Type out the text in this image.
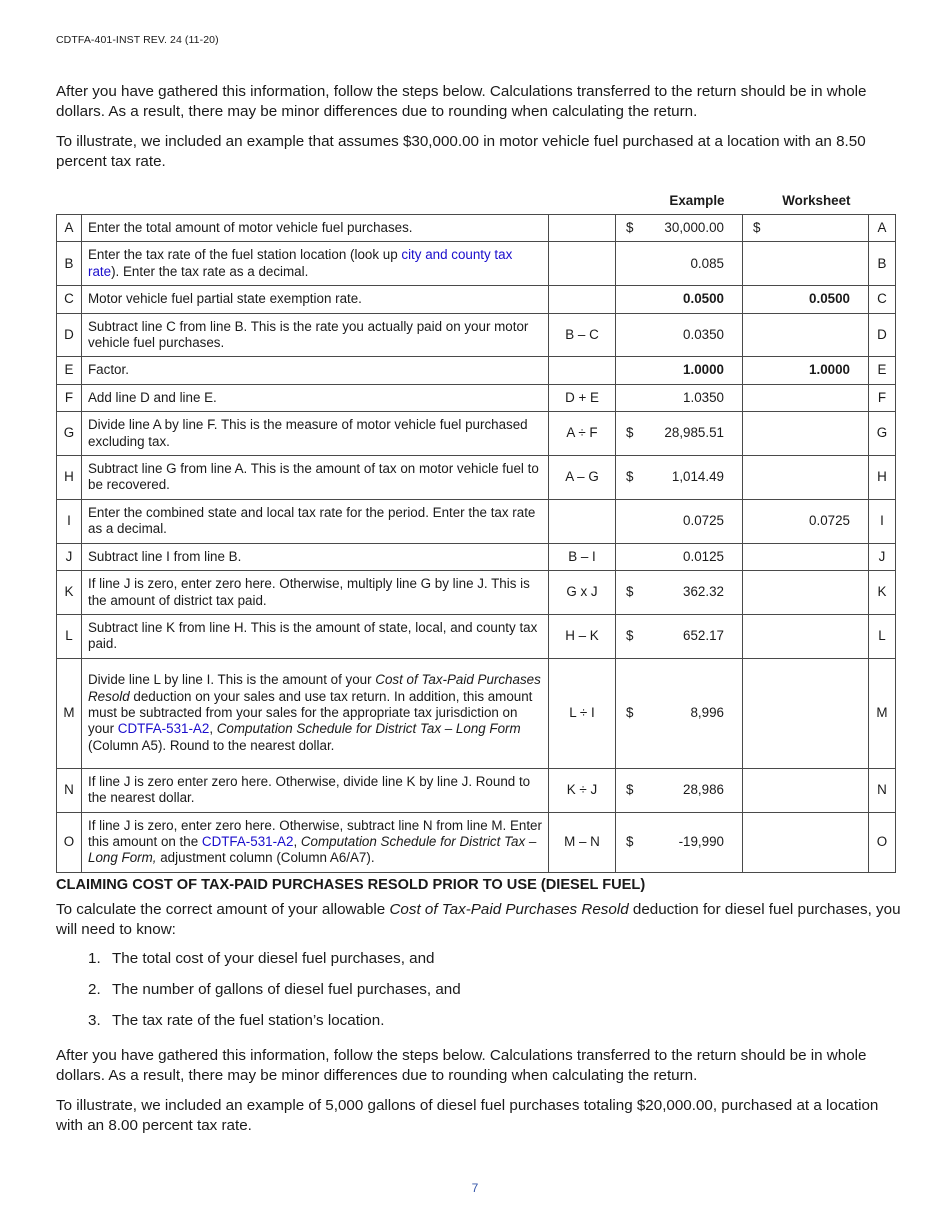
CDTFA-401-INST REV. 24 (11-20)

After you have gathered this information, follow the steps below. Calculations transferred to the return should be in whole dollars. As a result, there may be minor differences due to rounding when calculating the return.

To illustrate, we included an example that assumes $30,000.00 in motor vehicle fuel purchased at a location with an 8.50 percent tax rate.

			Example	Worksheet	
A	Enter the total amount of motor vehicle fuel purchases.		$ 30,000.00	$	A
B	Enter the tax rate of the fuel station location (look up city and county tax rate). Enter the tax rate as a decimal.		0.085		B
C	Motor vehicle fuel partial state exemption rate.		0.0500	0.0500	C
D	Subtract line C from line B. This is the rate you actually paid on your motor vehicle fuel purchases.	B – C	0.0350		D
E	Factor.		1.0000	1.0000	E
F	Add line D and line E.	D + E	1.0350		F
G	Divide line A by line F. This is the measure of motor vehicle fuel purchased excluding tax.	A ÷ F	$ 28,985.51		G
H	Subtract line G from line A. This is the amount of tax on motor vehicle fuel to be recovered.	A – G	$ 1,014.49		H
I	Enter the combined state and local tax rate for the period. Enter the tax rate as a decimal.		0.0725	0.0725	I
J	Subtract line I from line B.	B – I	0.0125		J
K	If line J is zero, enter zero here. Otherwise, multiply line G by line J. This is the amount of district tax paid.	G x J	$ 362.32		K
L	Subtract line K from line H. This is the amount of state, local, and county tax paid.	H – K	$ 652.17		L
M	Divide line L by line I. This is the amount of your Cost of Tax-Paid Purchases Resold deduction on your sales and use tax return. In addition, this amount must be subtracted from your sales for the appropriate tax jurisdiction on your CDTFA-531-A2, Computation Schedule for District Tax – Long Form (Column A5). Round to the nearest dollar.	L ÷ I	$ 8,996		M
N	If line J is zero enter zero here. Otherwise, divide line K by line J. Round to the nearest dollar.	K ÷ J	$ 28,986		N
O	If line J is zero, enter zero here. Otherwise, subtract line N from line M. Enter this amount on the CDTFA-531-A2, Computation Schedule for District Tax – Long Form, adjustment column (Column A6/A7).	M – N	$ -19,990		O
CLAIMING COST OF TAX-PAID PURCHASES RESOLD PRIOR TO USE (DIESEL FUEL)

To calculate the correct amount of your allowable Cost of Tax-Paid Purchases Resold deduction for diesel fuel purchases, you will need to know:

1. The total cost of your diesel fuel purchases, and
2. The number of gallons of diesel fuel purchases, and
3. The tax rate of the fuel station’s location.

After you have gathered this information, follow the steps below. Calculations transferred to the return should be in whole dollars. As a result, there may be minor differences due to rounding when calculating the return.

To illustrate, we included an example of 5,000 gallons of diesel fuel purchases totaling $20,000.00, purchased at a location with an 8.00 percent tax rate.

7
